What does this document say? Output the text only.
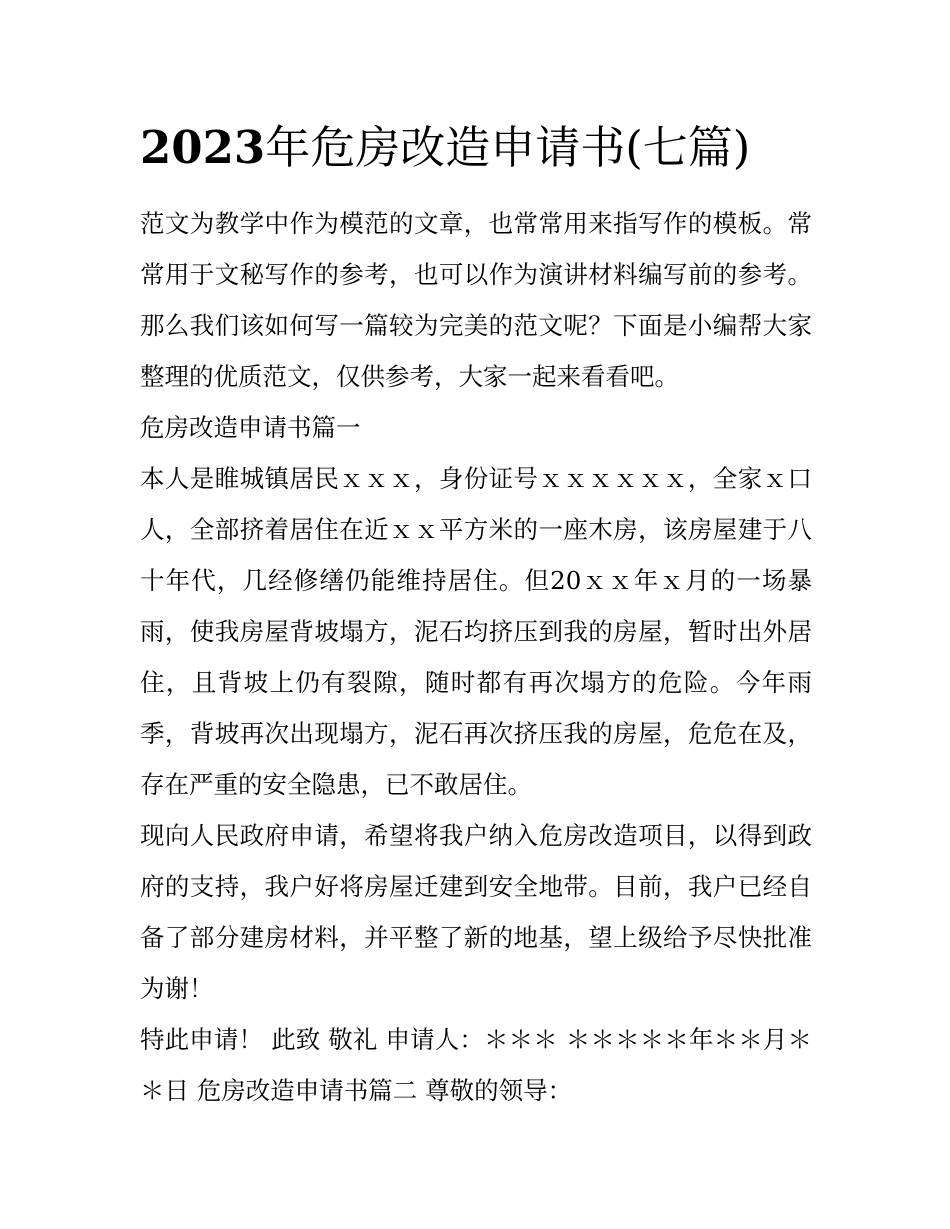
2023年危房改造申请书(七篇)

范文为教学中作为模范的文章，也常常用来指写作的模板。常常用于文秘写作的参考，也可以作为演讲材料编写前的参考。那么我们该如何写一篇较为完美的范文呢？下面是小编帮大家整理的优质范文，仅供参考，大家一起来看看吧。

危房改造申请书篇一

本人是睢城镇居民ｘｘｘ，身份证号ｘｘｘｘｘｘ，全家ｘ口人，全部挤着居住在近ｘｘ平方米的一座木房，该房屋建于八十年代，几经修缮仍能维持居住。但20ｘｘ年ｘ月的一场暴雨，使我房屋背坡塌方，泥石均挤压到我的房屋，暂时出外居住，且背坡上仍有裂隙，随时都有再次塌方的危险。今年雨季，背坡再次出现塌方，泥石再次挤压我的房屋，危危在及，存在严重的安全隐患，已不敢居住。

现向人民政府申请，希望将我户纳入危房改造项目，以得到政府的支持，我户好将房屋迁建到安全地带。目前，我户已经自备了部分建房材料，并平整了新的地基，望上级给予尽快批准为谢！

特此申请！ 此致 敬礼 申请人：＊＊＊ ＊＊＊＊＊年＊＊月＊＊日 危房改造申请书篇二 尊敬的领导：
